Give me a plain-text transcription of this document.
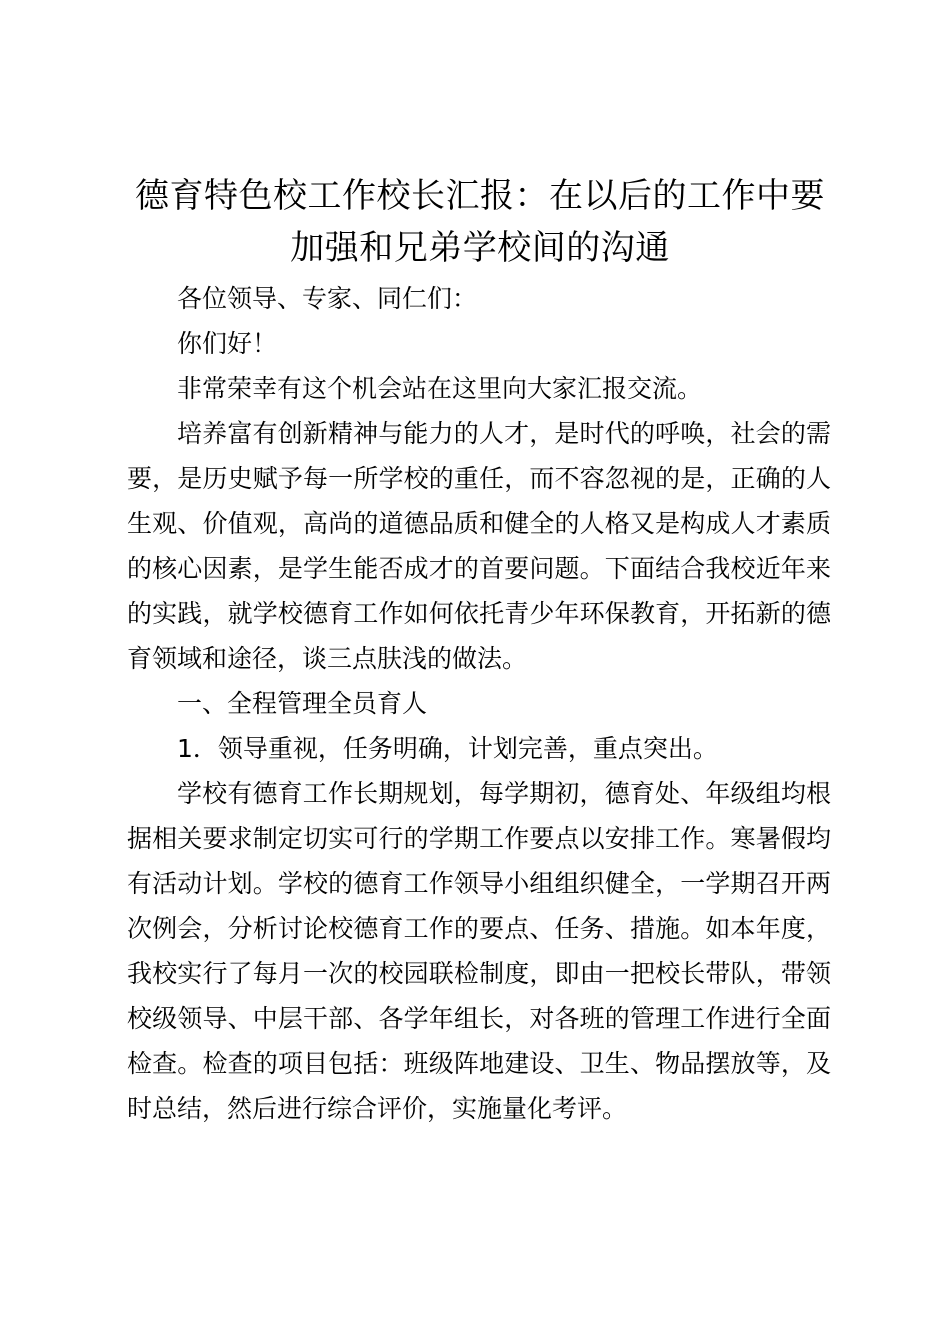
德育特色校工作校长汇报：在以后的工作中要
加强和兄弟学校间的沟通

各位领导、专家、同仁们：

你们好！

非常荣幸有这个机会站在这里向大家汇报交流。

培养富有创新精神与能力的人才，是时代的呼唤，社会的需要，是历史赋予每一所学校的重任，而不容忽视的是，正确的人生观、价值观，高尚的道德品质和健全的人格又是构成人才素质的核心因素，是学生能否成才的首要问题。下面结合我校近年来的实践，就学校德育工作如何依托青少年环保教育，开拓新的德育领域和途径，谈三点肤浅的做法。

一、全程管理全员育人

1．领导重视，任务明确，计划完善，重点突出。

学校有德育工作长期规划，每学期初，德育处、年级组均根据相关要求制定切实可行的学期工作要点以安排工作。寒暑假均有活动计划。学校的德育工作领导小组组织健全，一学期召开两次例会，分析讨论校德育工作的要点、任务、措施。如本年度，我校实行了每月一次的校园联检制度，即由一把校长带队，带领校级领导、中层干部、各学年组长，对各班的管理工作进行全面检查。检查的项目包括：班级阵地建设、卫生、物品摆放等，及时总结，然后进行综合评价，实施量化考评。
